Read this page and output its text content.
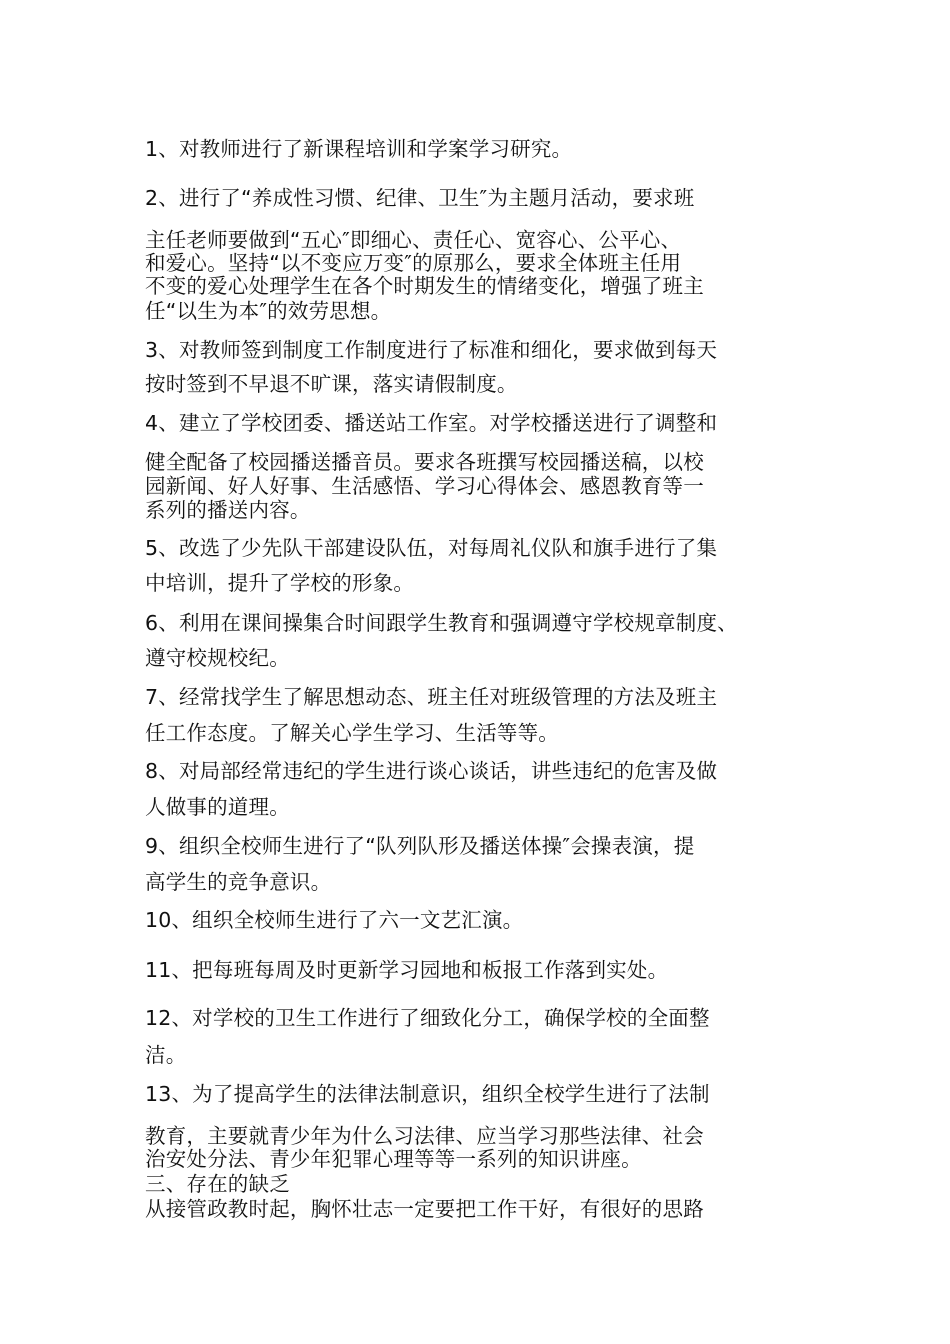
1、对教师进行了新课程培训和学案学习研究。
2、进行了“养成性习惯、纪律、卫生″为主题月活动，要求班
主任老师要做到“五心″即细心、责任心、宽容心、公平心、
和爱心。坚持“以不变应万变″的原那么，要求全体班主任用
不变的爱心处理学生在各个时期发生的情绪变化，增强了班主
任“以生为本″的效劳思想。
3、对教师签到制度工作制度进行了标准和细化，要求做到每天
按时签到不早退不旷课，落实请假制度。
4、建立了学校团委、播送站工作室。对学校播送进行了调整和
健全配备了校园播送播音员。要求各班撰写校园播送稿，以校
园新闻、好人好事、生活感悟、学习心得体会、感恩教育等一
系列的播送内容。
5、改选了少先队干部建设队伍，对每周礼仪队和旗手进行了集
中培训，提升了学校的形象。
6、利用在课间操集合时间跟学生教育和强调遵守学校规章制度、
遵守校规校纪。
7、经常找学生了解思想动态、班主任对班级管理的方法及班主
任工作态度。了解关心学生学习、生活等等。
8、对局部经常违纪的学生进行谈心谈话，讲些违纪的危害及做
人做事的道理。
9、组织全校师生进行了“队列队形及播送体操″会操表演，提
高学生的竞争意识。
10、组织全校师生进行了六一文艺汇演。
11、把每班每周及时更新学习园地和板报工作落到实处。
12、对学校的卫生工作进行了细致化分工，确保学校的全面整
洁。
13、为了提高学生的法律法制意识，组织全校学生进行了法制
教育，主要就青少年为什么习法律、应当学习那些法律、社会
治安处分法、青少年犯罪心理等等一系列的知识讲座。
三、存在的缺乏
从接管政教时起，胸怀壮志一定要把工作干好，有很好的思路
